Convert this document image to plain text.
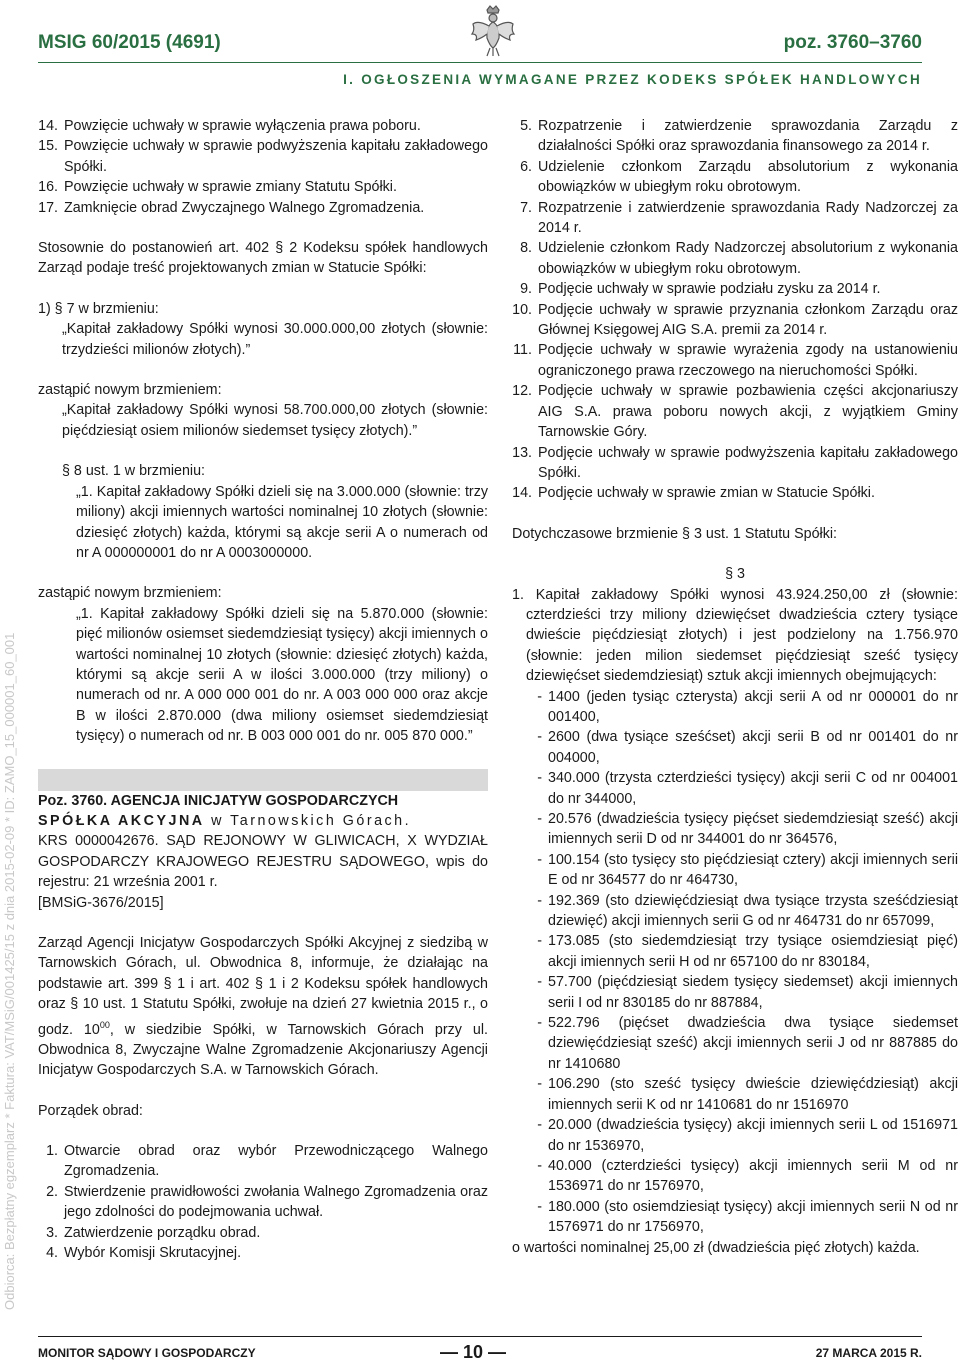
MSIG 60/2015 (4691)	poz. 3760–3760
I. OGŁOSZENIA WYMAGANE PRZEZ KODEKS SPÓŁEK HANDLOWYCH
Odbiorca: Bezpłatny egzemplarz * Faktura: VAT/MSiG/001425/15 z dnia 2015-02-09 * ID: ZAMO_15_000001_60_001
14. Powzięcie uchwały w sprawie wyłączenia prawa poboru.
15. Powzięcie uchwały w sprawie podwyższenia kapitału zakładowego Spółki.
16. Powzięcie uchwały w sprawie zmiany Statutu Spółki.
17. Zamknięcie obrad Zwyczajnego Walnego Zgromadzenia.

Stosownie do postanowień art. 402 § 2 Kodeksu spółek handlowych Zarząd podaje treść projektowanych zmian w Statucie Spółki:

1) § 7 w brzmieniu:

„Kapitał zakładowy Spółki wynosi 30.000.000,00 złotych (słownie: trzydzieści milionów złotych).”

zastąpić nowym brzmieniem:

„Kapitał zakładowy Spółki wynosi 58.700.000,00 złotych (słownie: pięćdziesiąt osiem milionów siedemset tysięcy złotych).”

§ 8 ust. 1 w brzmieniu:

„1. Kapitał zakładowy Spółki dzieli się na 3.000.000 (słownie: trzy miliony) akcji imiennych wartości nominalnej 10 złotych (słownie: dziesięć złotych) każda, którymi są akcje serii A o numerach od nr A 000000001 do nr A 0003000000.

zastąpić nowym brzmieniem:

„1. Kapitał zakładowy Spółki dzieli się na 5.870.000 (słownie: pięć milionów osiemset siedemdziesiąt tysięcy) akcji imiennych o wartości nominalnej 10 złotych (słownie: dziesięć złotych) każda, którymi są akcje serii A w ilości 3.000.000 (trzy miliony) o numerach od nr. A 000 000 001 do nr. A 003 000 000 oraz akcje B w ilości 2.870.000 (dwa miliony osiemset siedemdziesiąt tysięcy) o numerach od nr. B 003 000 001 do nr. 005 870 000.”

Poz. 3760. AGENCJA INICJATYW GOSPODARCZYCH

SPÓŁKA AKCYJNA w Tarnowskich Górach.

KRS 0000042676. SĄD REJONOWY W GLIWICACH, X WYDZIAŁ GOSPODARCZY KRAJOWEGO REJESTRU SĄDOWEGO, wpis do rejestru: 21 września 2001 r.

[BMSiG-3676/2015]

Zarząd Agencji Inicjatyw Gospodarczych Spółki Akcyjnej z siedzibą w Tarnowskich Górach, ul. Obwodnica 8, informuje, że działając na podstawie art. 399 § 1 i art. 402 § 1 i 2 Kodeksu spółek handlowych oraz § 10 ust. 1 Statutu Spółki, zwołuje na dzień 27 kwietnia 2015 r., o godz. $10^{00}$, w siedzibie Spółki, w Tarnowskich Górach przy ul. Obwodnica 8, Zwyczajne Walne Zgromadzenie Akcjonariuszy Agencji Inicjatyw Gospodarczych S.A. w Tarnowskich Górach.

Porządek obrad:

1. Otwarcie obrad oraz wybór Przewodniczącego Walnego Zgromadzenia.
2. Stwierdzenie prawidłowości zwołania Walnego Zgromadzenia oraz jego zdolności do podejmowania uchwał.
3. Zatwierdzenie porządku obrad.
4. Wybór Komisji Skrutacyjnej.
5. Rozpatrzenie i zatwierdzenie sprawozdania Zarządu z działalności Spółki oraz sprawozdania finansowego za 2014 r.
6. Udzielenie członkom Zarządu absolutorium z wykonania obowiązków w ubiegłym roku obrotowym.
7. Rozpatrzenie i zatwierdzenie sprawozdania Rady Nadzorczej za 2014 r.
8. Udzielenie członkom Rady Nadzorczej absolutorium z wykonania obowiązków w ubiegłym roku obrotowym.
9. Podjęcie uchwały w sprawie podziału zysku za 2014 r.
10. Podjęcie uchwały w sprawie przyznania członkom Zarządu oraz Głównej Księgowej AIG S.A. premii za 2014 r.
11. Podjęcie uchwały w sprawie wyrażenia zgody na ustanowieniu ograniczonego prawa rzeczowego na nieruchomości Spółki.
12. Podjęcie uchwały w sprawie pozbawienia części akcjonariuszy AIG S.A. prawa poboru nowych akcji, z wyjątkiem Gminy Tarnowskie Góry.
13. Podjęcie uchwały w sprawie podwyższenia kapitału zakładowego Spółki.
14. Podjęcie uchwały w sprawie zmian w Statucie Spółki.

Dotychczasowe brzmienie § 3 ust. 1 Statutu Spółki:

§ 3

1. Kapitał zakładowy Spółki wynosi 43.924.250,00 zł (słownie: czterdzieści trzy miliony dziewięćset dwadzieścia cztery tysiące dwieście pięćdziesiąt złotych) i jest podzielony na 1.756.970 (słownie: jeden milion siedemset pięćdziesiąt sześć tysięcy dziewięćset siedemdziesiąt) sztuk akcji imiennych obejmujących:

- 1400 (jeden tysiąc czterysta) akcji serii A od nr 000001 do nr 001400,
- 2600 (dwa tysiące sześćset) akcji serii B od nr 001401 do nr 004000,
- 340.000 (trzysta czterdzieści tysięcy) akcji serii C od nr 004001 do nr 344000,
- 20.576 (dwadzieścia tysięcy pięćset siedemdziesiąt sześć) akcji imiennych serii D od nr 344001 do nr 364576,
- 100.154 (sto tysięcy sto pięćdziesiąt cztery) akcji imiennych serii E od nr 364577 do nr 464730,
- 192.369 (sto dziewięćdziesiąt dwa tysiące trzysta sześćdziesiąt dziewięć) akcji imiennych serii G od nr 464731 do nr 657099,
- 173.085 (sto siedemdziesiąt trzy tysiące osiemdziesiąt pięć) akcji imiennych serii H od nr 657100 do nr 830184,
- 57.700 (pięćdziesiąt siedem tysięcy siedemset) akcji imiennych serii I od nr 830185 do nr 887884,
- 522.796 (pięćset dwadzieścia dwa tysiące siedemset dziewięćdziesiąt sześć) akcji imiennych serii J od nr 887885 do nr 1410680
- 106.290 (sto sześć tysięcy dwieście dziewięćdziesiąt) akcji imiennych serii K od nr 1410681 do nr 1516970
- 20.000 (dwadzieścia tysięcy) akcji imiennych serii L od 1516971 do nr 1536970,
- 40.000 (czterdzieści tysięcy) akcji imiennych serii M od nr 1536971 do nr 1576970,
- 180.000 (sto osiemdziesiąt tysięcy) akcji imiennych serii N od nr 1576971 do nr 1756970,

o wartości nominalnej 25,00 zł (dwadzieścia pięć złotych) każda.

MONITOR SĄDOWY I GOSPODARCZY	— 10 —	27 MARCA 2015 R.
